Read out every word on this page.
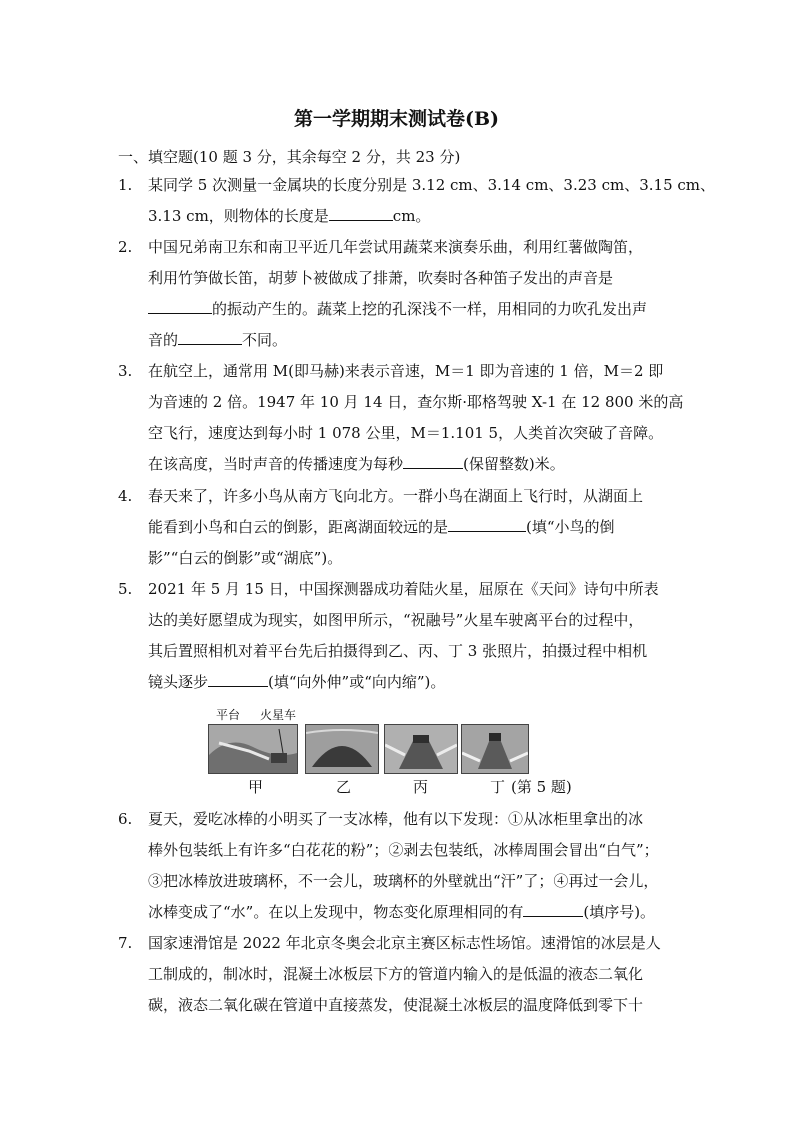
第一学期期末测试卷(B)
一、填空题(10 题 3 分，其余每空 2 分，共 23 分)
1. 某同学 5 次测量一金属块的长度分别是 3.12 cm、3.14 cm、3.23 cm、3.15 cm、
3.13 cm，则物体的长度是	cm。
2. 中国兄弟南卫东和南卫平近几年尝试用蔬菜来演奏乐曲，利用红薯做陶笛，
利用竹笋做长笛，胡萝卜被做成了排萧，吹奏时各种笛子发出的声音是
的振动产生的。蔬菜上挖的孔深浅不一样，用相同的力吹孔发出声
音的	不同。
3. 在航空上，通常用 M(即马赫)来表示音速，M＝1 即为音速的 1 倍，M＝2 即
为音速的 2 倍。1947 年 10 月 14 日，查尔斯·耶格驾驶 X-1 在 12 800 米的高
空飞行，速度达到每小时 1 078 公里，M＝1.101 5，人类首次突破了音障。
在该高度，当时声音的传播速度为每秒	(保留整数)米。
4. 春天来了，许多小鸟从南方飞向北方。一群小鸟在湖面上飞行时，从湖面上
能看到小鸟和白云的倒影，距离湖面较远的是	(填“小鸟的倒
影”“白云的倒影”或“湖底”)。
5. 2021 年 5 月 15 日，中国探测器成功着陆火星，屈原在《天问》诗句中所表
达的美好愿望成为现实，如图甲所示，“祝融号”火星车驶离平台的过程中，
其后置照相机对着平台先后拍摄得到乙、丙、丁 3 张照片，拍摄过程中相机
镜头逐步	(填“向外伸”或“向内缩”)。
平台 火星车
甲	乙	丙	丁 (第 5 题)
6. 夏天，爱吃冰棒的小明买了一支冰棒，他有以下发现：①从冰柜里拿出的冰
棒外包装纸上有许多“白花花的粉”；②剥去包装纸，冰棒周围会冒出“白气”；
③把冰棒放进玻璃杯，不一会儿，玻璃杯的外壁就出“汗”了；④再过一会儿，
冰棒变成了“水”。在以上发现中，物态变化原理相同的有	(填序号)。
7. 国家速滑馆是 2022 年北京冬奥会北京主赛区标志性场馆。速滑馆的冰层是人
工制成的，制冰时，混凝土冰板层下方的管道内输入的是低温的液态二氧化
碳，液态二氧化碳在管道中直接蒸发，使混凝土冰板层的温度降低到零下十
